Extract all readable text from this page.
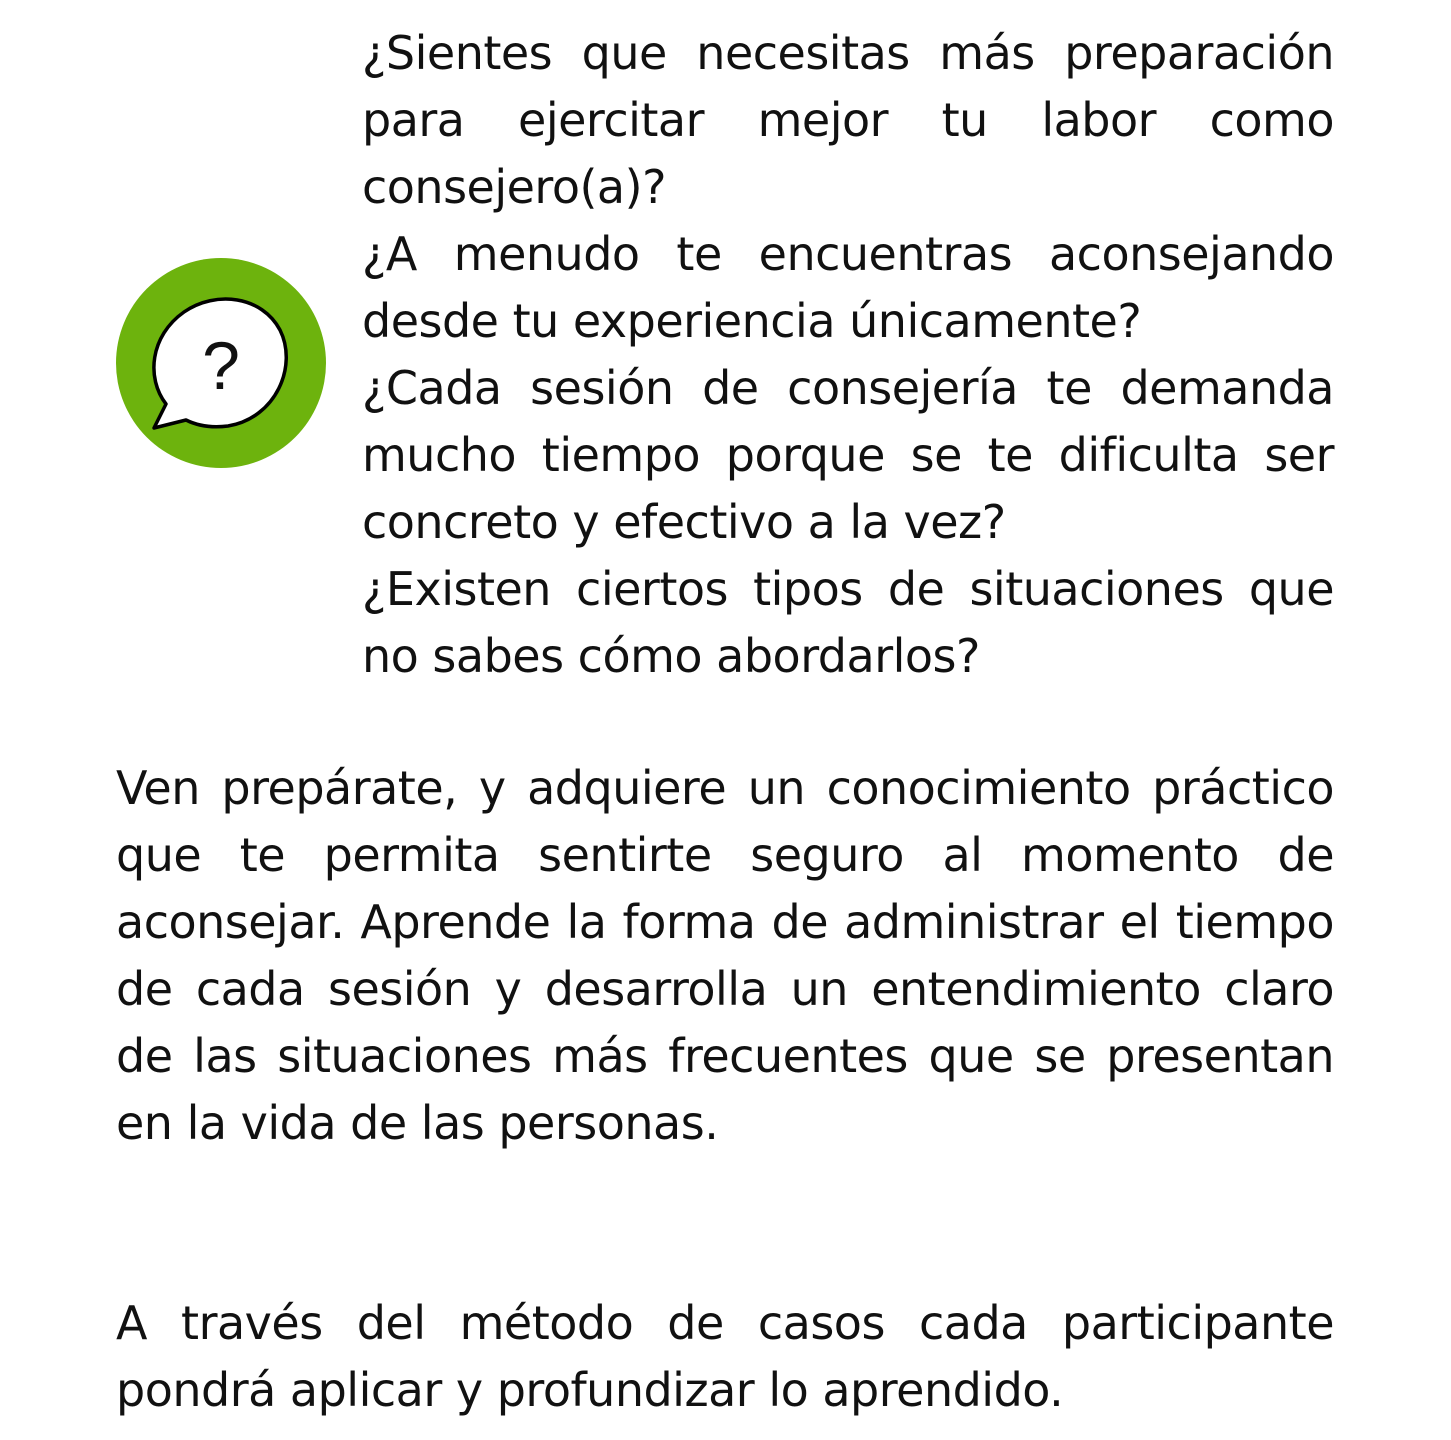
?

¿Sientes que necesitas más preparación para ejercitar mejor tu labor como consejero(a)?

¿A menudo te encuentras aconsejando desde tu experiencia únicamente?

¿Cada sesión de consejería te demanda mucho tiempo porque se te dificulta ser concreto y efectivo a la vez?

¿Existen ciertos tipos de situaciones que no sabes cómo abordarlos?

Ven prepárate, y adquiere un conocimiento práctico que te permita sentirte seguro al momento de aconsejar. Aprende la forma de administrar el tiempo de cada sesión y desarrolla un entendimiento claro de las situaciones más frecuentes que se presentan en la vida de las personas.

A través del método de casos cada participante pondrá aplicar y profundizar lo aprendido.
